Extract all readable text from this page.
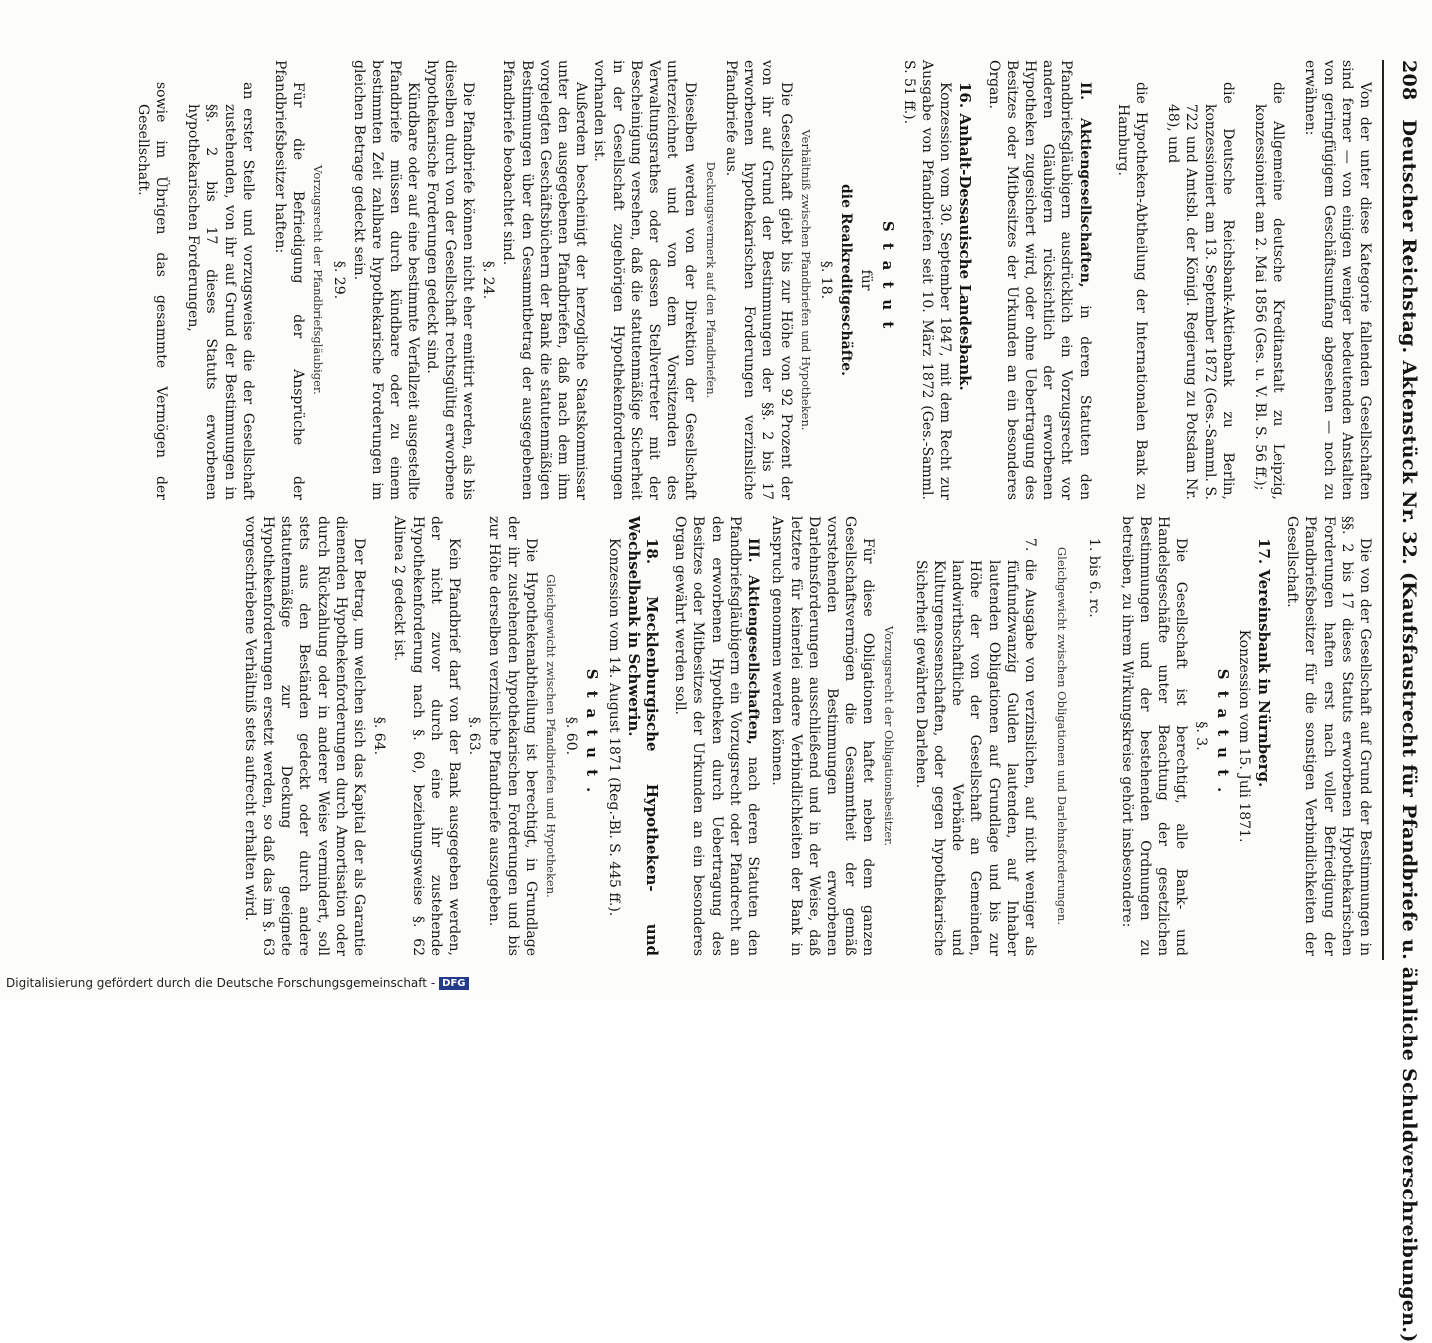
208 Deutscher Reichstag. Aktenstück Nr. 32. (Kaufsfaustrecht für Pfandbriefe u. ähnliche Schuldverschreibungen.)

Von der unter diese Kategorie fallenden Gesellschaften sind ferner — von einigen weniger bedeutenden Anstalten von geringfügigem Geschäftsumfang abgesehen — noch zu erwähnen:

die Allgemeine deutsche Kreditanstalt zu Leipzig, konzessioniert am 2. Mai 1856 (Ges. u. V. Bl. S. 56 ff.);

die Deutsche Reichsbank-Aktienbank zu Berlin, konzessioniert am 13. September 1872 (Ges.-Samml. S. 722 und Amtsbl. der Königl. Regierung zu Potsdam Nr. 48), und

die Hypotheken-Abtheilung der Internationalen Bank zu Hamburg.

II. Aktiengesellschaften, in deren Statuten den Pfandbriefsgläubigern ausdrücklich ein Vorzugsrecht vor anderen Gläubigern rücksichtlich der erworbenen Hypotheken zugesichert wird, oder ohne Uebertragung des Besitzes oder Mitbesitzes der Urkunden an ein besonderes Organ.

16. Anhalt-Dessauische Landesbank.

Konzession vom 30. September 1847, mit dem Recht zur Ausgabe von Pfandbriefen seit 10. März 1872 (Ges.-Samml. S. 51 ff.).

Statut

für

die Realkreditgeschäfte.

§. 18.

Verhältniß zwischen Pfandbriefen und Hypotheken.

Die Gesellschaft giebt bis zur Höhe von 92 Prozent der von ihr auf Grund der Bestimmungen der §§. 2 bis 17 erworbenen hypothekarischen Forderungen verzinsliche Pfandbriefe aus.

Deckungsvermerk auf den Pfandbriefen.

Dieselben werden von der Direktion der Gesellschaft unterzeichnet und von dem Vorsitzenden des Verwaltungsrathes oder dessen Stellvertreter mit der Bescheinigung versehen, daß die statutenmäßige Sicherheit in der Gesellschaft zugehörigen Hypothekenforderungen vorhanden ist.

Außerdem bescheinigt der herzogliche Staatskommissar unter den ausgegebenen Pfandbriefen, daß nach dem ihm vorgelegten Geschäftsbüchern der Bank die statutenmäßigen Bestimmungen über den Gesammtbetrag der ausgegebenen Pfandbriefe beobachtet sind.

§. 24.

Die Pfandbriefe können nicht eher emittirt werden, als bis dieselben durch von der Gesellschaft rechtsgültig erworbene hypothekarische Forderungen gedeckt sind.

Kündbare oder auf eine bestimmte Verfallzeit ausgestellte Pfandbriefe müssen durch kündbare oder zu einem bestimmten Zeit zahlbare hypothekarische Forderungen im gleichen Betrage gedeckt sein.

§. 29.

Vorzugsrecht der Pfandbriefsgläubiger.

Für die Befriedigung der Ansprüche der Pfandbriefsbesitzer haften:

an erster Stelle und vorzugsweise die der Gesellschaft zustehenden, von ihr auf Grund der Bestimmungen in §§. 2 bis 17 dieses Statuts erworbenen hypothekarischen Forderungen,

sowie im Übrigen das gesammte Vermögen der Gesellschaft.

Die von der Gesellschaft auf Grund der Bestimmungen in §§. 2 bis 17 dieses Statuts erworbenen Hypothekarischen Forderungen haften erst nach voller Befriedigung der Pfandbriefsbesitzer für die sonstigen Verbindlichkeiten der Gesellschaft.

17. Vereinsbank in Nürnberg.

Konzession vom 15. Juli 1871.

Statut.

§. 3.

Die Gesellschaft ist berechtigt, alle Bank- und Handelsgeschäfte unter Beachtung der gesetzlichen Bestimmungen und der bestehenden Ordnungen zu betreiben, zu ihrem Wirkungskreise gehört insbesondere:

1. bis 6. rc.

Gleichgewicht zwischen Obligationen und Darlehnsforderungen.

7. die Ausgabe von verzinslichen, auf nicht weniger als fünfundzwanzig Gulden lautenden, auf Inhaber lautenden Obligationen auf Grundlage und bis zur Höhe der von der Gesellschaft an Gemeinden, landwirthschaftliche Verbände und Kulturgenossenschaften, oder gegen hypothekarische Sicherheit gewährten Darlehen.

Vorzugsrecht der Obligationsbesitzer.

Für diese Obligationen haftet neben dem ganzen Gesellschaftsvermögen die Gesammtheit der gemäß vorstehenden Bestimmungen erworbenen Darlehnsforderungen ausschließend und in der Weise, daß letztere für keinerlei andere Verbindlichkeiten der Bank in Anspruch genommen werden können.

III. Aktiengesellschaften, nach deren Statuten den Pfandbriefsgläubigern ein Vorzugsrecht oder Pfandrecht an den erworbenen Hypotheken durch Uebertragung des Besitzes oder Mitbesitzes der Urkunden an ein besonderes Organ gewährt werden soll.

18. Mecklenburgische Hypotheken- und Wechselbank in Schwerin.

Konzession vom 14. August 1871 (Reg.-Bl. S. 445 ff.).

Statut.

§. 60.

Gleichgewicht zwischen Pfandbriefen und Hypotheken.

Die Hypothekenabtheilung ist berechtigt, in Grundlage der ihr zustehenden hypothekarischen Forderungen und bis zur Höhe derselben verzinsliche Pfandbriefe auszugeben.

§. 63.

Kein Pfandbrief darf von der Bank ausgegeben werden, der nicht zuvor durch eine ihr zustehende Hypothekenforderung nach §. 60, beziehungsweise §. 62 Alinea 2 gedeckt ist.

§. 64.

Der Betrag, um welchen sich das Kapital der als Garantie dienenden Hypothekenforderungen durch Amortisation oder durch Rückzahlung oder in anderer Weise vermindert, soll stets aus den Beständen gedeckt oder durch andere statutenmäßige zur Deckung geeignete Hypothekenforderungen ersetzt werden, so daß das im §. 63 vorgeschriebene Verhältniß stets aufrecht erhalten wird.

Digitalisierung gefördert durch die Deutsche Forschungsgemeinschaft - DFG
